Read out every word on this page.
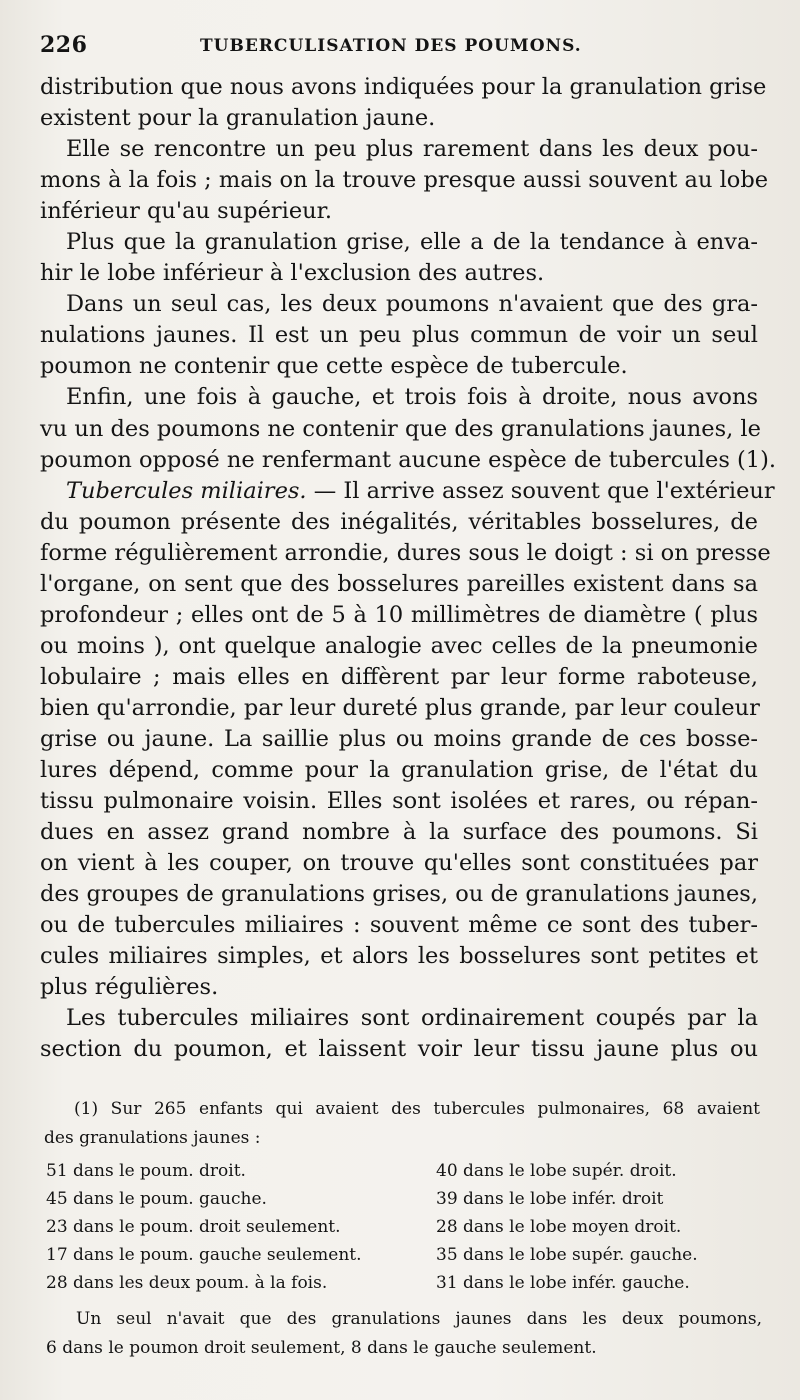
226	TUBERCULISATION DES POUMONS.
distribution que nous avons indiquées pour la granulation grise
existent pour la granulation jaune.
Elle se rencontre un peu plus rarement dans les deux pou-
mons à la fois ; mais on la trouve presque aussi souvent au lobe
inférieur qu'au supérieur.
Plus que la granulation grise, elle a de la tendance à enva-
hir le lobe inférieur à l'exclusion des autres.
Dans un seul cas, les deux poumons n'avaient que des gra-
nulations jaunes. Il est un peu plus commun de voir un seul
poumon ne contenir que cette espèce de tubercule.
Enfin, une fois à gauche, et trois fois à droite, nous avons
vu un des poumons ne contenir que des granulations jaunes, le
poumon opposé ne renfermant aucune espèce de tubercules (1).
Tubercules miliaires. — Il arrive assez souvent que l'extérieur
du poumon présente des inégalités, véritables bosselures, de
forme régulièrement arrondie, dures sous le doigt : si on presse
l'organe, on sent que des bosselures pareilles existent dans sa
profondeur ; elles ont de 5 à 10 millimètres de diamètre ( plus
ou moins ), ont quelque analogie avec celles de la pneumonie
lobulaire ; mais elles en diffèrent par leur forme raboteuse,
bien qu'arrondie, par leur dureté plus grande, par leur couleur
grise ou jaune. La saillie plus ou moins grande de ces bosse-
lures dépend, comme pour la granulation grise, de l'état du
tissu pulmonaire voisin. Elles sont isolées et rares, ou répan-
dues en assez grand nombre à la surface des poumons. Si
on vient à les couper, on trouve qu'elles sont constituées par
des groupes de granulations grises, ou de granulations jaunes,
ou de tubercules miliaires : souvent même ce sont des tuber-
cules miliaires simples, et alors les bosselures sont petites et
plus régulières.
Les tubercules miliaires sont ordinairement coupés par la
section du poumon, et laissent voir leur tissu jaune plus ou
(1) Sur 265 enfants qui avaient des tubercules pulmonaires, 68 avaient
des granulations jaunes :
51 dans le poum. droit.	40 dans le lobe supér. droit.
45 dans le poum. gauche.	39 dans le lobe infér. droit
23 dans le poum. droit seulement.	28 dans le lobe moyen droit.
17 dans le poum. gauche seulement.	35 dans le lobe supér. gauche.
28 dans les deux poum. à la fois.	31 dans le lobe infér. gauche.
Un seul n'avait que des granulations jaunes dans les deux poumons,
6 dans le poumon droit seulement, 8 dans le gauche seulement.
